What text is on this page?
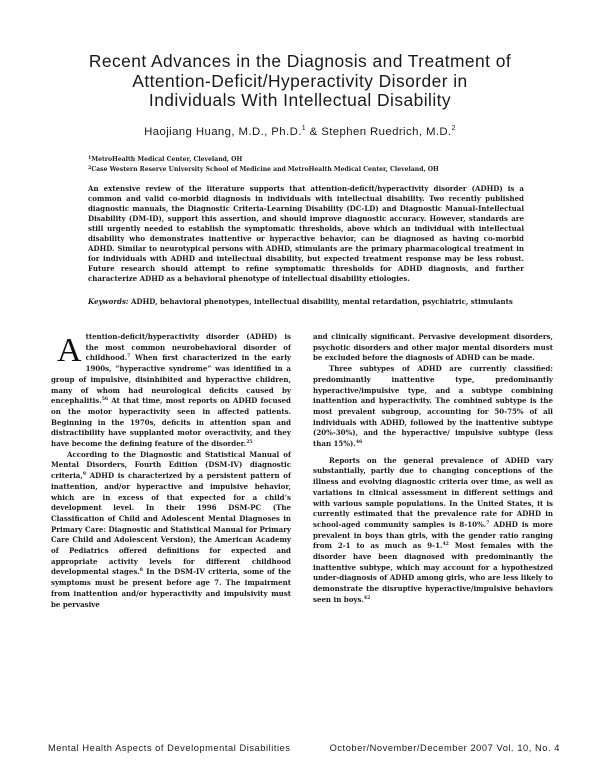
Recent Advances in the Diagnosis and Treatment of
Attention-Deficit/Hyperactivity Disorder in
Individuals With Intellectual Disability
Haojiang Huang, M.D., Ph.D.$^1$ & Stephen Ruedrich, M.D.$^2$
$^1$MetroHealth Medical Center, Cleveland, OH
$^2$Case Western Reserve University School of Medicine and MetroHealth Medical Center, Cleveland, OH

An extensive review of the literature supports that attention-deficit/hyperactivity disorder (ADHD) is a common and valid co-morbid diagnosis in individuals with intellectual disability. Two recently published diagnostic manuals, the Diagnostic Criteria-Learning Disability (DC-LD) and Diagnostic Manual-Intellectual Disability (DM-ID), support this assertion, and should improve diagnostic accuracy. However, standards are still urgently needed to establish the symptomatic thresholds, above which an individual with intellectual disability who demonstrates inattentive or hyperactive behavior, can be diagnosed as having co-morbid ADHD. Similar to neurotypical persons with ADHD, stimulants are the primary pharmacological treatment in for individuals with ADHD and intellectual disability, but expected treatment response may be less robust. Future research should attempt to refine symptomatic thresholds for ADHD diagnosis, and further characterize ADHD as a behavioral phenotype of intellectual disability etiologies.

Keywords: ADHD, behavioral phenotypes, intellectual disability, mental retardation, psychiatric, stimulants

Attention-deficit/hyperactivity disorder (ADHD) is the most common neurobehavioral disorder of childhood.$^7$ When first characterized in the early 1900s, “hyperactive syndrome” was identified in a group of impulsive, disinhibited and hyperactive children, many of whom had neurological deficits caused by encephalitis.$^{56}$ At that time, most reports on ADHD focused on the motor hyperactivity seen in affected patients. Beginning in the 1970s, deficits in attention span and distractibility have supplanted motor overactivity, and they have become the defining feature of the disorder.$^{25}$

According to the Diagnostic and Statistical Manual of Mental Disorders, Fourth Edition (DSM-IV) diagnostic criteria,$^9$ ADHD is characterized by a persistent pattern of inattention, and/or hyperactive and impulsive behavior, which are in excess of that expected for a child’s development level. In their 1996 DSM-PC (The Classification of Child and Adolescent Mental Diagnoses in Primary Care: Diagnostic and Statistical Manual for Primary Care Child and Adolescent Version), the American Academy of Pediatrics offered definitions for expected and appropriate activity levels for different childhood developmental stages.$^8$ In the DSM-IV criteria, some of the symptoms must be present before age 7. The impairment from inattention and/or hyperactivity and impulsivity must be pervasive

and clinically significant. Pervasive development disorders, psychotic disorders and other major mental disorders must be excluded before the diagnosis of ADHD can be made.

Three subtypes of ADHD are currently classified: predominantly inattentive type, predominantly hyperactive/impulsive type, and a subtype combining inattention and hyperactivity. The combined subtype is the most prevalent subgroup, accounting for 50-75% of all individuals with ADHD, followed by the inattentive subtype (20%-30%), and the hyperactive/ impulsive subtype (less than 15%).$^{46}$

Reports on the general prevalence of ADHD vary substantially, partly due to changing conceptions of the illness and evolving diagnostic criteria over time, as well as variations in clinical assessment in different settings and with various sample populations. In the United States, it is currently estimated that the prevalence rate for ADHD in school-aged community samples is 8-10%.$^7$ ADHD is more prevalent in boys than girls, with the gender ratio ranging from 2-1 to as much as 9-1.42 Most females with the disorder have been diagnosed with predominantly the inattentive subtype, which may account for a hypothesized under-diagnosis of ADHD among girls, who are less likely to demonstrate the disruptive hyperactive/impulsive behaviors seen in boys.$^{42}$

Mental Health Aspects of Developmental Disabilities	October/November/December 2007 Vol. 10, No. 4
